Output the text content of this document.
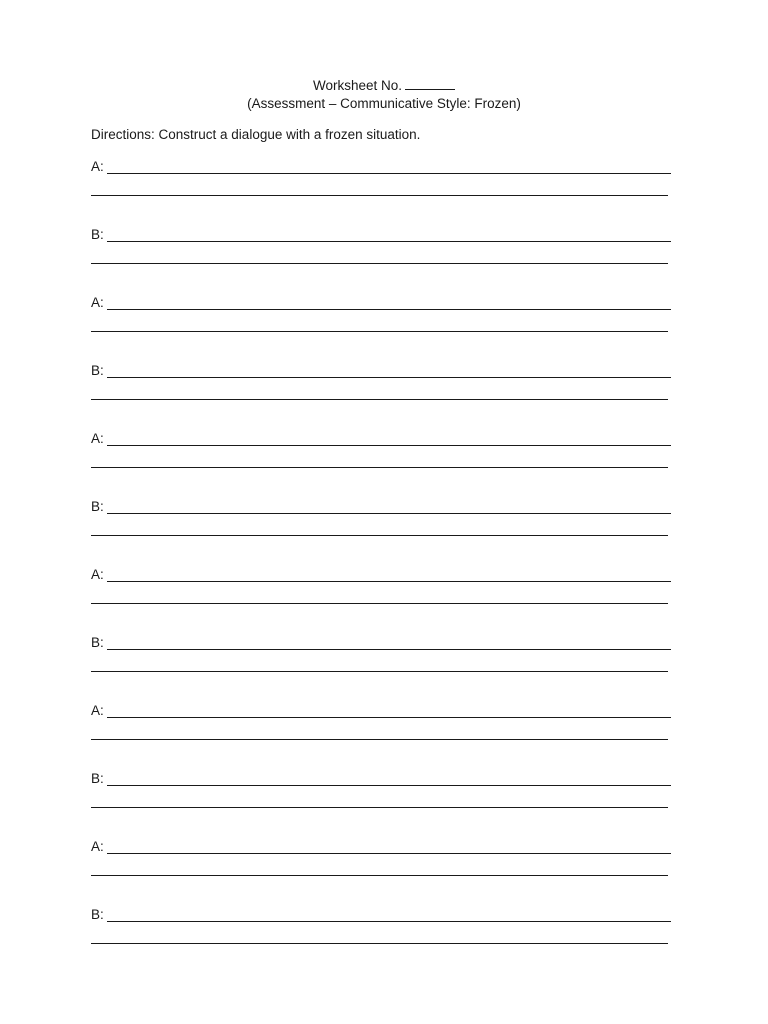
Worksheet No.
(Assessment – Communicative Style: Frozen)
Directions: Construct a dialogue with a frozen situation.
A:
B:
A:
B:
A:
B:
A:
B:
A:
B:
A:
B:
